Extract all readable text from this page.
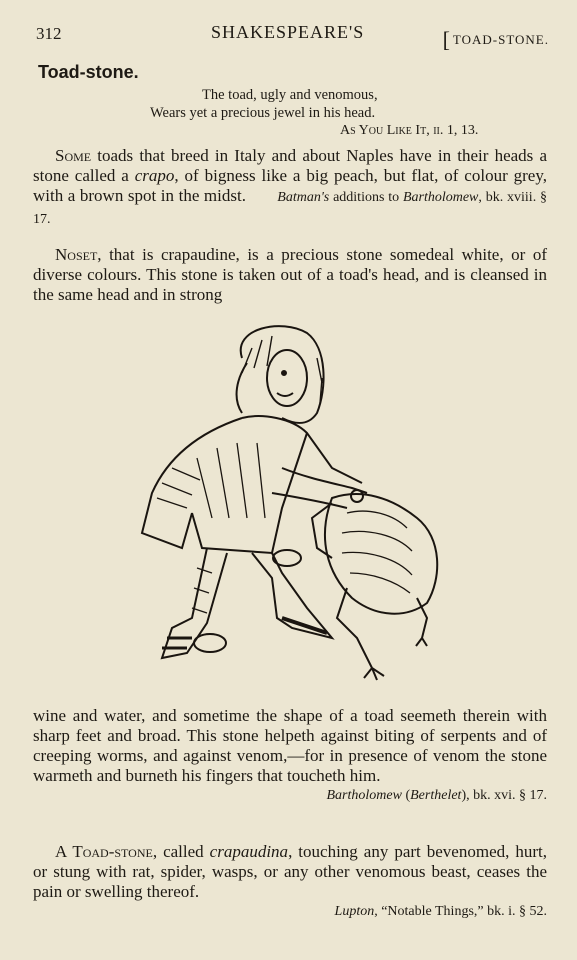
312	SHAKESPEARE'S	[ TOAD-STONE.
Toad-stone.
The toad, ugly and venomous,
Wears yet a precious jewel in his head.
As You Like It, ii. 1, 13.

Some toads that breed in Italy and about Naples have in their heads a stone called a crapo, of bigness like a big peach, but flat, of colour grey, with a brown spot in the midst. Batman's additions to Bartholomew, bk. xviii. § 17.

Noset, that is crapaudine, is a precious stone somedeal white, or of diverse colours. This stone is taken out of a toad's head, and is cleansed in the same head and in strong

wine and water, and sometime the shape of a toad seemeth therein with sharp feet and broad. This stone helpeth against biting of serpents and of creeping worms, and against venom,—for in presence of venom the stone warmeth and burneth his fingers that toucheth him.

Bartholomew (Berthelet), bk. xvi. § 17.

A Toad-stone, called crapaudina, touching any part bevenomed, hurt, or stung with rat, spider, wasps, or any other venomous beast, ceases the pain or swelling thereof.

Lupton, “Notable Things,” bk. i. § 52.
